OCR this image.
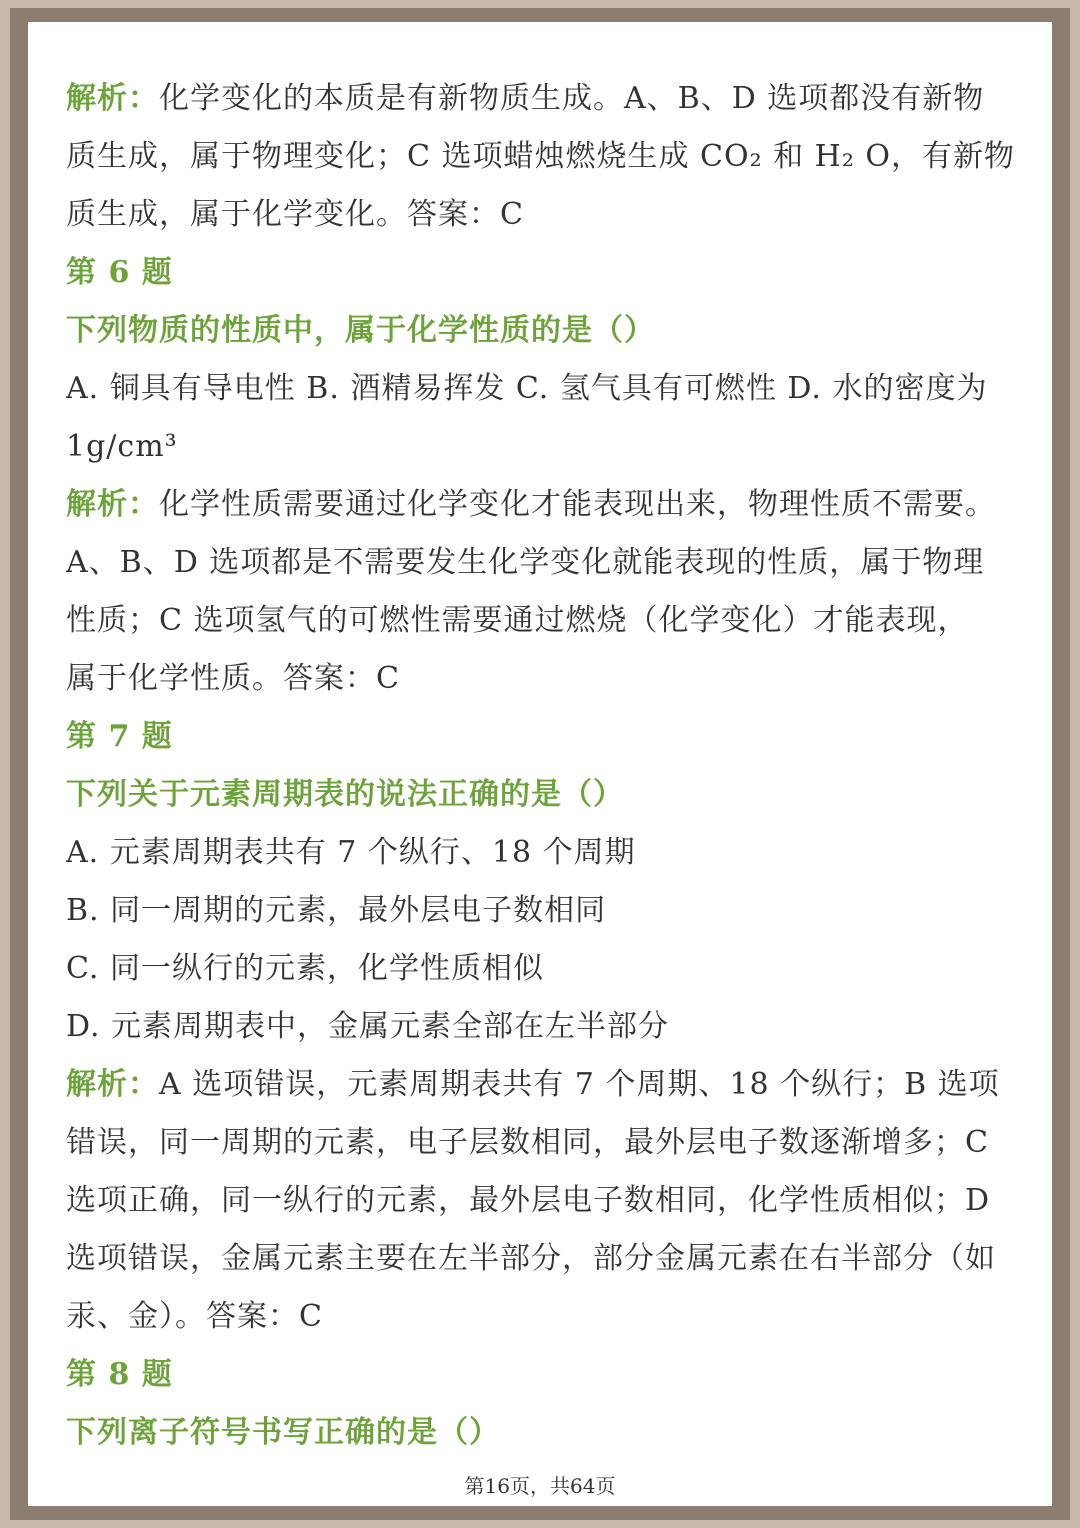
解析：化学变化的本质是有新物质生成。A、B、D 选项都没有新物
质生成，属于物理变化；C 选项蜡烛燃烧生成 CO₂ 和 H₂ O，有新物
质生成，属于化学变化。答案：C
第 6 题
下列物质的性质中，属于化学性质的是（）
A. 铜具有导电性 B. 酒精易挥发 C. 氢气具有可燃性 D. 水的密度为
1g/cm³
解析：化学性质需要通过化学变化才能表现出来，物理性质不需要。
A、B、D 选项都是不需要发生化学变化就能表现的性质，属于物理
性质；C 选项氢气的可燃性需要通过燃烧（化学变化）才能表现，
属于化学性质。答案：C
第 7 题
下列关于元素周期表的说法正确的是（）
A. 元素周期表共有 7 个纵行、18 个周期
B. 同一周期的元素，最外层电子数相同
C. 同一纵行的元素，化学性质相似
D. 元素周期表中，金属元素全部在左半部分
解析：A 选项错误，元素周期表共有 7 个周期、18 个纵行；B 选项
错误，同一周期的元素，电子层数相同，最外层电子数逐渐增多；C
选项正确，同一纵行的元素，最外层电子数相同，化学性质相似；D
选项错误，金属元素主要在左半部分，部分金属元素在右半部分（如
汞、金）。答案：C
第 8 题
下列离子符号书写正确的是（）
第16页，共64页
